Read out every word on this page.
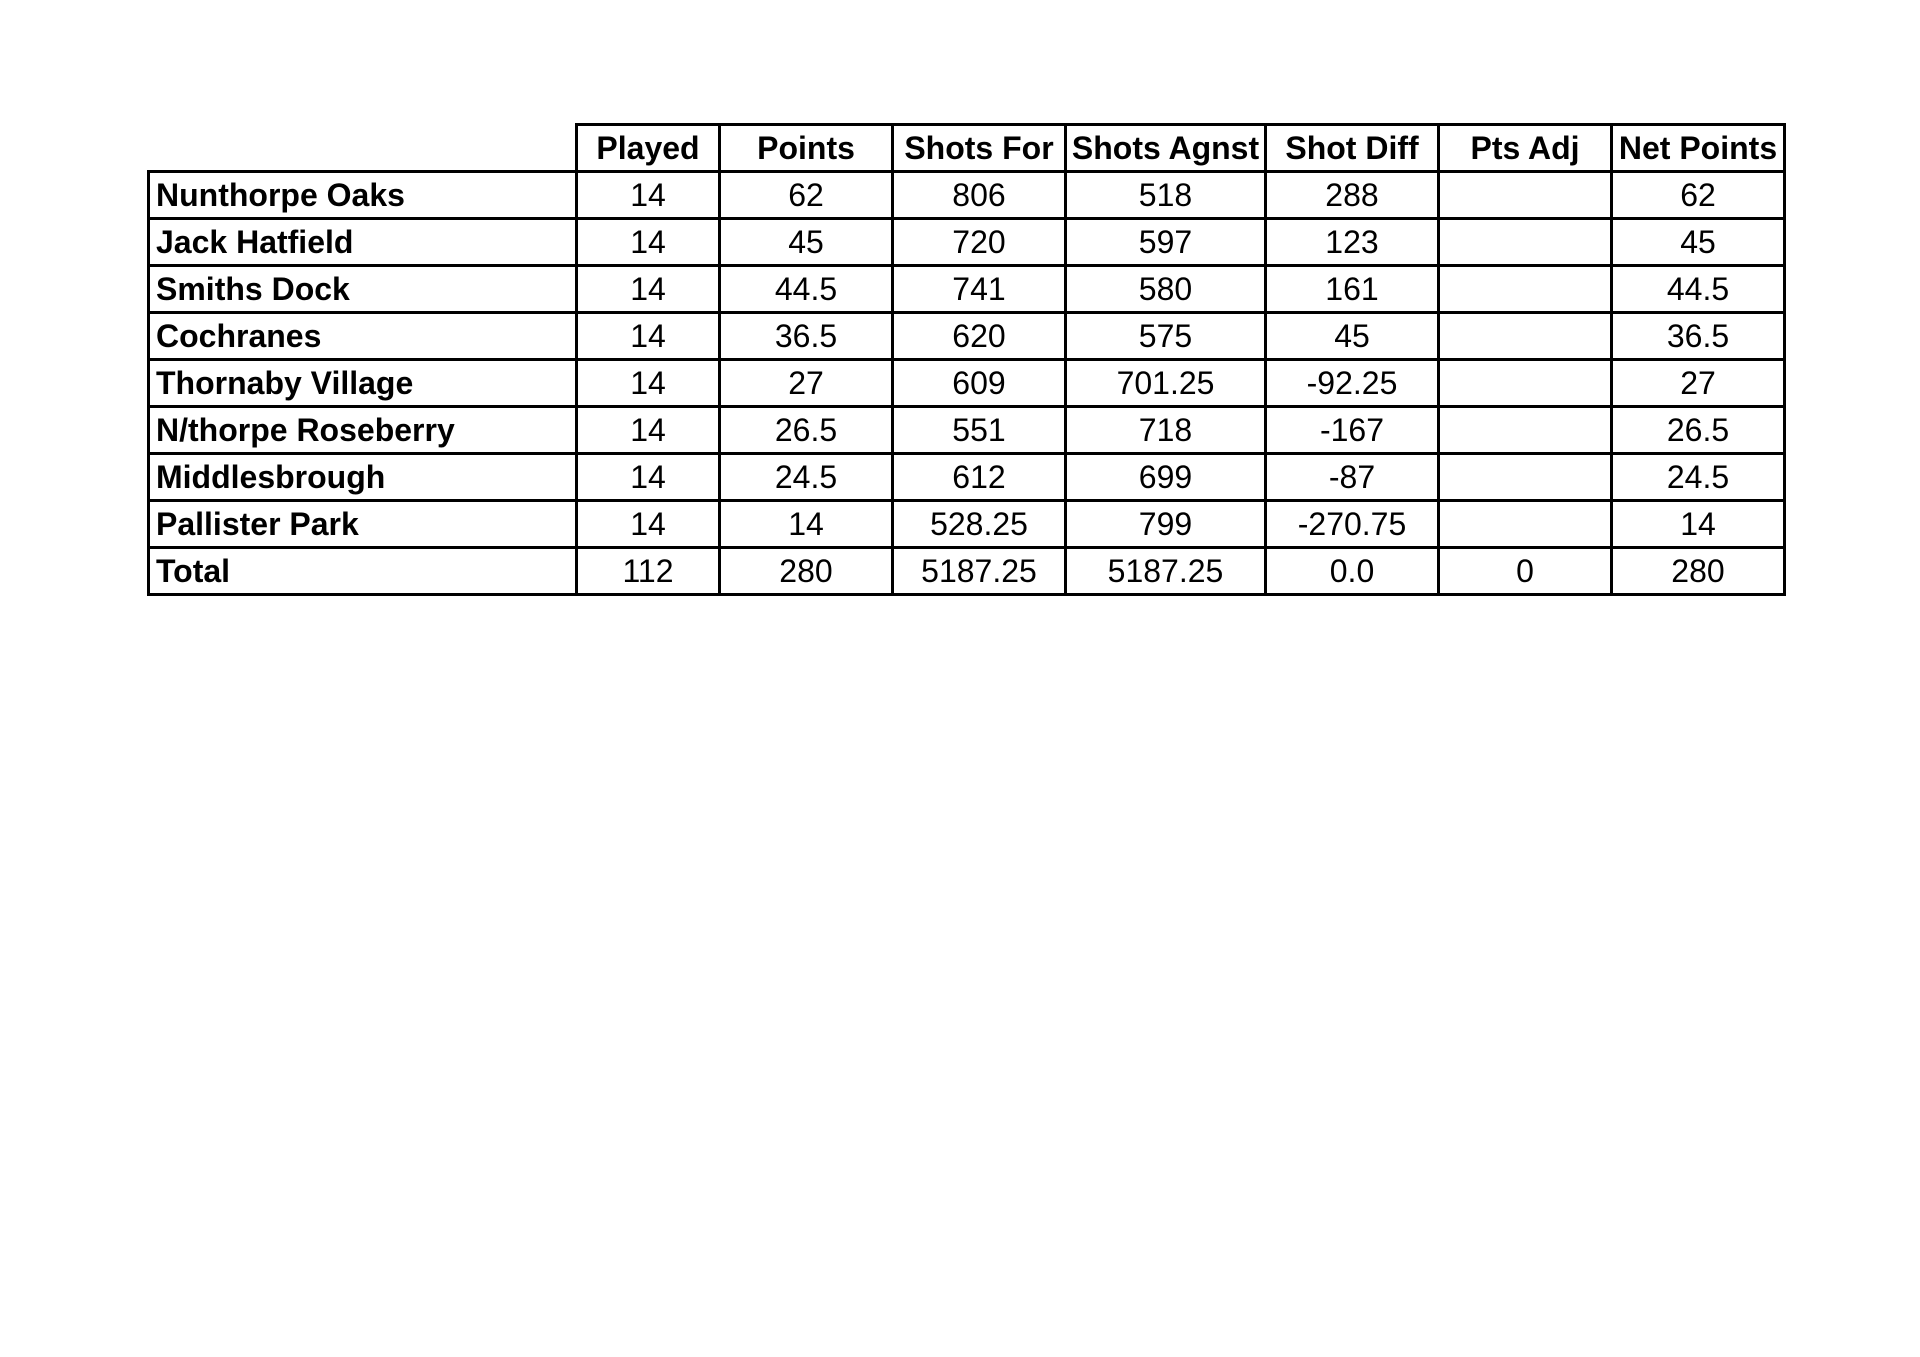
	Played	Points	Shots For	Shots Agnst	Shot Diff	Pts Adj	Net Points
Nunthorpe Oaks	14	62	806	518	288		62
Jack Hatfield	14	45	720	597	123		45
Smiths Dock	14	44.5	741	580	161		44.5
Cochranes	14	36.5	620	575	45		36.5
Thornaby Village	14	27	609	701.25	-92.25		27
N/thorpe Roseberry	14	26.5	551	718	-167		26.5
Middlesbrough	14	24.5	612	699	-87		24.5
Pallister Park	14	14	528.25	799	-270.75		14
Total	112	280	5187.25	5187.25	0.0	0	280
